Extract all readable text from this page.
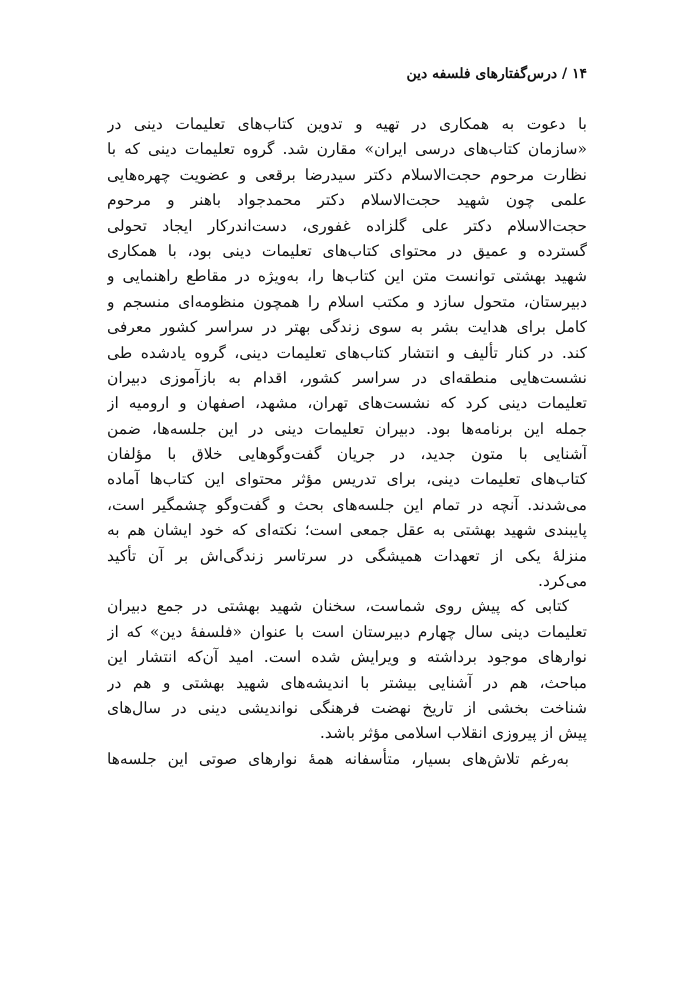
۱۴ / درس‌گفتارهای فلسفه دین
با دعوت به همکاری در تهیه و تدوین کتاب‌های تعلیمات دینی در
«سازمان کتاب‌های درسی ایران» مقارن شد. گروه تعلیمات دینی که با
نظارت مرحوم حجت‌الاسلام دکتر سیدرضا برقعی و عضویت چهره‌هایی
علمی چون شهید حجت‌الاسلام دکتر محمدجواد باهنر و مرحوم
حجت‌الاسلام دکتر علی گلزاده غفوری، دست‌اندرکار ایجاد تحولی
گسترده و عمیق در محتوای کتاب‌های تعلیمات دینی بود، با همکاری
شهید بهشتی توانست متن این کتاب‌ها را، به‌ویژه در مقاطع راهنمایی و
دبیرستان، متحول سازد و مکتب اسلام را همچون منظومه‌ای منسجم و
کامل برای هدایت بشر به سوی زندگی بهتر در سراسر کشور معرفی
کند. در کنار تألیف و انتشار کتاب‌های تعلیمات دینی، گروه یادشده طی
نشست‌هایی منطقه‌ای در سراسر کشور، اقدام به بازآموزی دبیران
تعلیمات دینی کرد که نشست‌های تهران، مشهد، اصفهان و ارومیه از
جمله این برنامه‌ها بود. دبیران تعلیمات دینی در این جلسه‌ها، ضمن
آشنایی با متون جدید، در جریان گفت‌وگوهایی خلاق با مؤلفان
کتاب‌های تعلیمات دینی، برای تدریس مؤثر محتوای این کتاب‌ها آماده
می‌شدند. آنچه در تمام این جلسه‌های بحث و گفت‌وگو چشمگیر است،
پایبندی شهید بهشتی به عقل جمعی است؛ نکته‌ای که خود ایشان هم به
منزلهٔ یکی از تعهدات همیشگی در سرتاسر زندگی‌اش بر آن تأکید
می‌کرد.
کتابی که پیش روی شماست، سخنان شهید بهشتی در جمع دبیران
تعلیمات دینی سال چهارم دبیرستان است با عنوان «فلسفهٔ دین» که از
نوارهای موجود برداشته و ویرایش شده است. امید آن‌که انتشار این
مباحث، هم در آشنایی بیشتر با اندیشه‌های شهید بهشتی و هم در
شناخت بخشی از تاریخ نهضت فرهنگی نواندیشی دینی در سال‌های
پیش از پیروزی انقلاب اسلامی مؤثر باشد.
به‌رغم تلاش‌های بسیار، متأسفانه همهٔ نوارهای صوتی این جلسه‌ها
